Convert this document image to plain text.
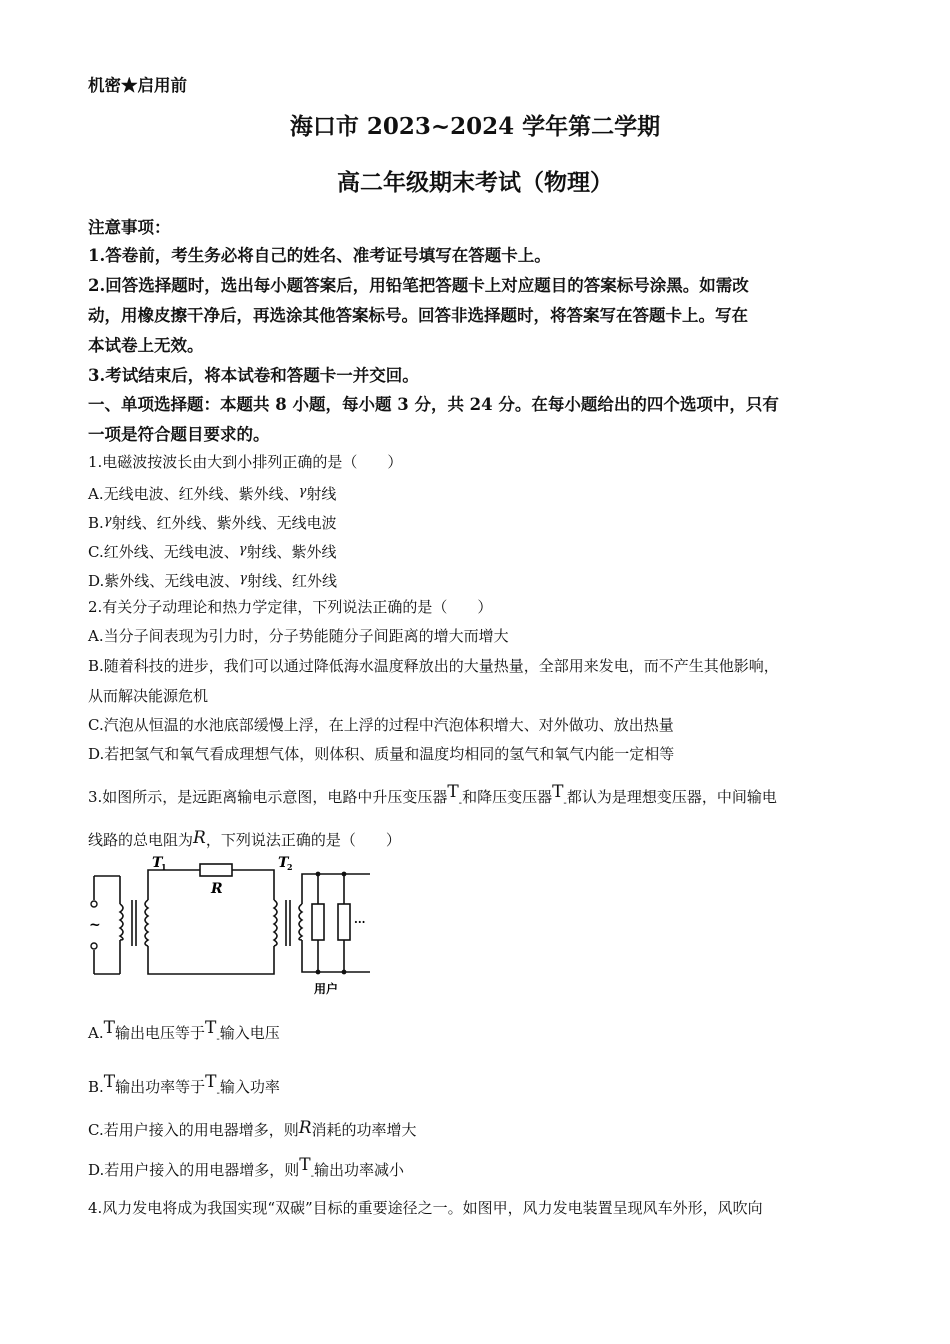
机密★启用前
海口市 2023~2024 学年第二学期
高二年级期末考试（物理）
注意事项：
1.答卷前，考生务必将自己的姓名、准考证号填写在答题卡上。
2.回答选择题时，选出每小题答案后，用铅笔把答题卡上对应题目的答案标号涂黑。如需改
动，用橡皮擦干净后，再选涂其他答案标号。回答非选择题时，将答案写在答题卡上。写在
本试卷上无效。
3.考试结束后，将本试卷和答题卡一并交回。
一、单项选择题：本题共 8 小题，每小题 3 分，共 24 分。在每小题给出的四个选项中，只有
一项是符合题目要求的。
1.电磁波按波长由大到小排列正确的是（　　）
A.无线电波、红外线、紫外线、γ射线
B.γ射线、红外线、紫外线、无线电波
C.红外线、无线电波、γ射线、紫外线
D.紫外线、无线电波、γ射线、红外线
2.有关分子动理论和热力学定律，下列说法正确的是（　　）
A.当分子间表现为引力时，分子势能随分子间距离的增大而增大
B.随着科技的进步，我们可以通过降低海水温度释放出的大量热量，全部用来发电，而不产生其他影响，
从而解决能源危机
C.汽泡从恒温的水池底部缓慢上浮，在上浮的过程中汽泡体积增大、对外做功、放出热量
D.若把氢气和氧气看成理想气体，则体积、质量和温度均相同的氢气和氧气内能一定相等
3.如图所示，是远距离输电示意图，电路中升压变压器$T_-$和降压变压器$T_-$都认为是理想变压器，中间输电
线路的总电阻为R，下列说法正确的是（　　）
~
T
1
R
T
2
···
用户
A.T输出电压等于$T_-$输入电压
B.T输出功率等于$T_-$输入功率
C.若用户接入的用电器增多，则R消耗的功率增大
D.若用户接入的用电器增多，则$T_-$输出功率减小
4.风力发电将成为我国实现“双碳”目标的重要途径之一。如图甲，风力发电装置呈现风车外形，风吹向
